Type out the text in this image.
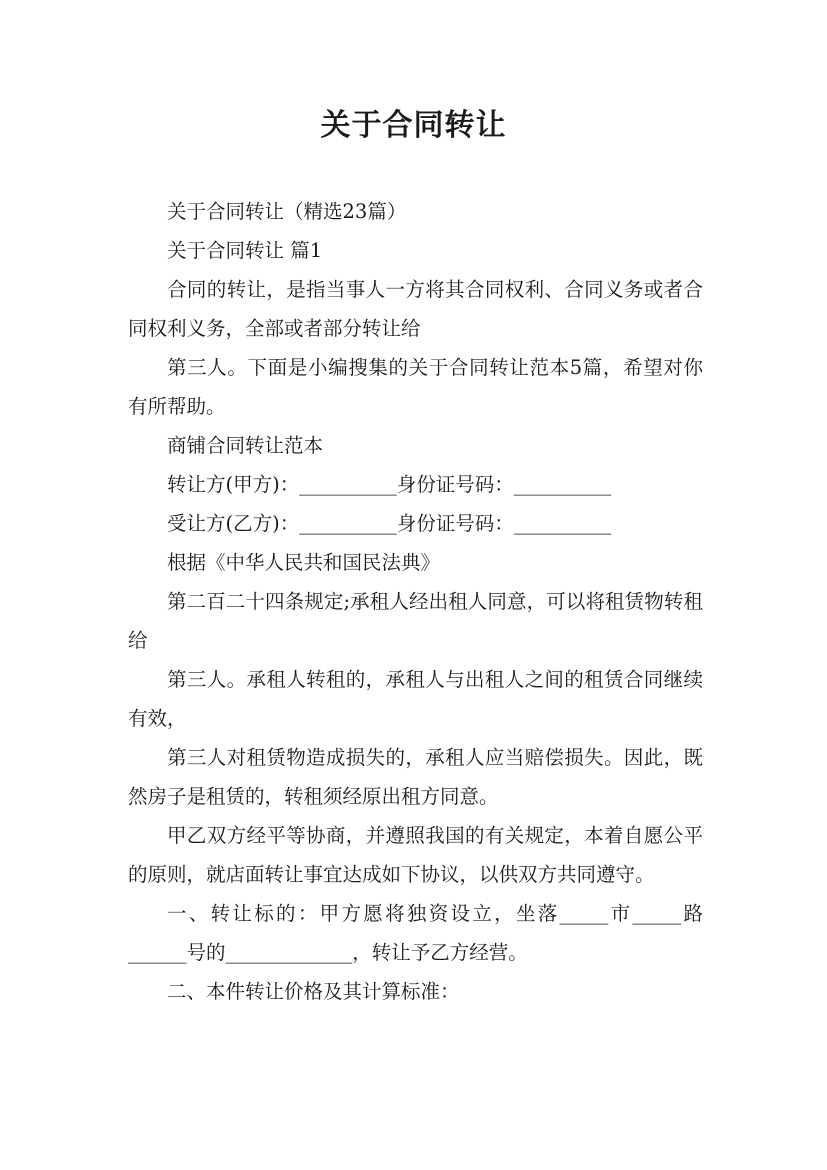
关于合同转让

关于合同转让（精选23篇）

关于合同转让 篇1

合同的转让，是指当事人一方将其合同权利、合同义务或者合同权利义务，全部或者部分转让给

第三人。下面是小编搜集的关于合同转让范本5篇，希望对你有所帮助。

商铺合同转让范本

转让方(甲方)：__________身份证号码：__________

受让方(乙方)：__________身份证号码：__________

根据《中华人民共和国民法典》

第二百二十四条规定;承租人经出租人同意，可以将租赁物转租给

第三人。承租人转租的，承租人与出租人之间的租赁合同继续有效，

第三人对租赁物造成损失的，承租人应当赔偿损失。因此，既然房子是租赁的，转租须经原出租方同意。

甲乙双方经平等协商，并遵照我国的有关规定，本着自愿公平的原则，就店面转让事宜达成如下协议，以供双方共同遵守。

一、转让标的：甲方愿将独资设立，坐落_____市_____路______号的_____________，转让予乙方经营。

二、本件转让价格及其计算标准：
